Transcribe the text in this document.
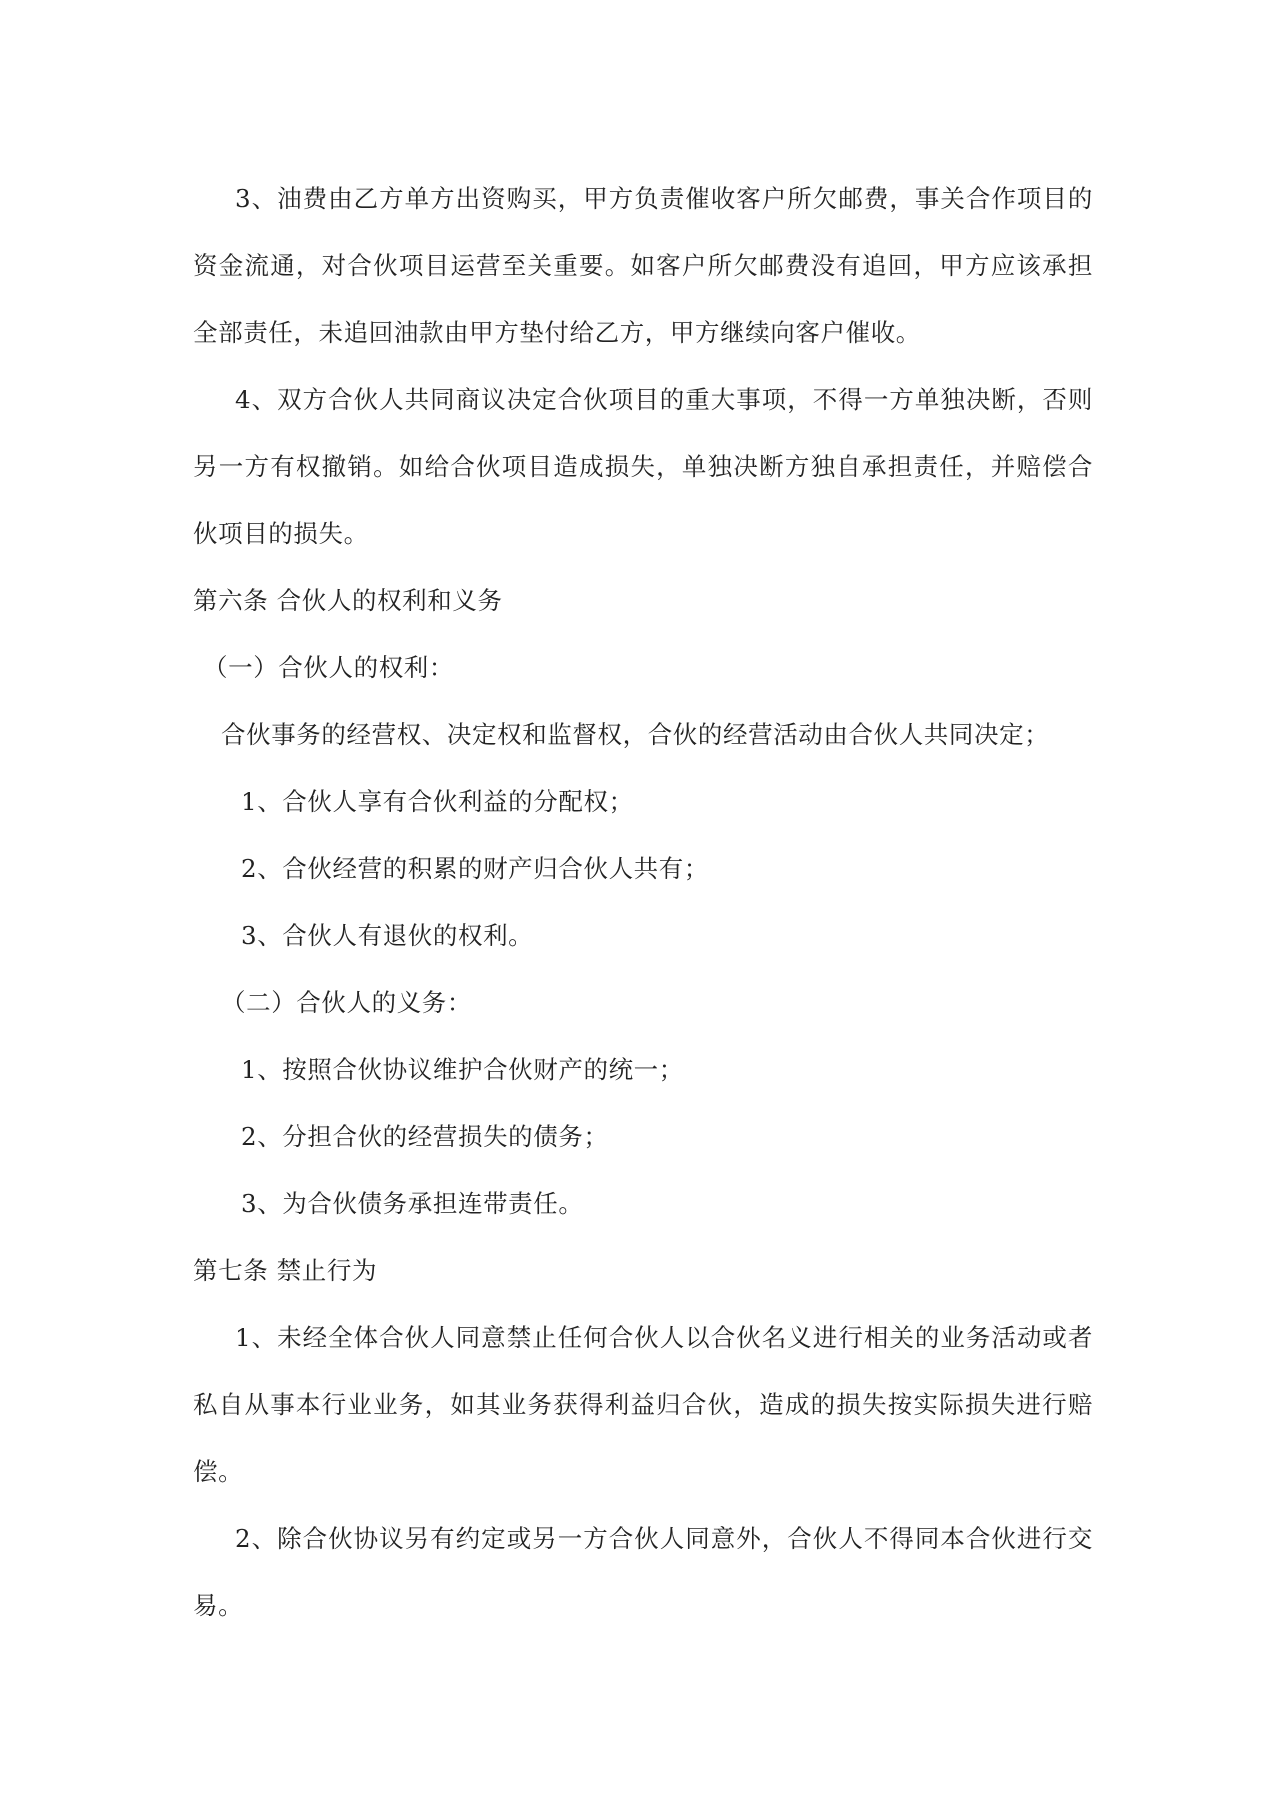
3、油费由乙方单方出资购买，甲方负责催收客户所欠邮费，事关合作项目的资金流通，对合伙项目运营至关重要。如客户所欠邮费没有追回，甲方应该承担全部责任，未追回油款由甲方垫付给乙方，甲方继续向客户催收。

4、双方合伙人共同商议决定合伙项目的重大事项，不得一方单独决断，否则另一方有权撤销。如给合伙项目造成损失，单独决断方独自承担责任，并赔偿合伙项目的损失。

第六条 合伙人的权利和义务

（一）合伙人的权利：

合伙事务的经营权、决定权和监督权，合伙的经营活动由合伙人共同决定；

1、合伙人享有合伙利益的分配权；

2、合伙经营的积累的财产归合伙人共有；

3、合伙人有退伙的权利。

（二）合伙人的义务：

1、按照合伙协议维护合伙财产的统一；

2、分担合伙的经营损失的债务；

3、为合伙债务承担连带责任。

第七条 禁止行为

1、未经全体合伙人同意禁止任何合伙人以合伙名义进行相关的业务活动或者私自从事本行业业务，如其业务获得利益归合伙，造成的损失按实际损失进行赔偿。

2、除合伙协议另有约定或另一方合伙人同意外，合伙人不得同本合伙进行交易。
